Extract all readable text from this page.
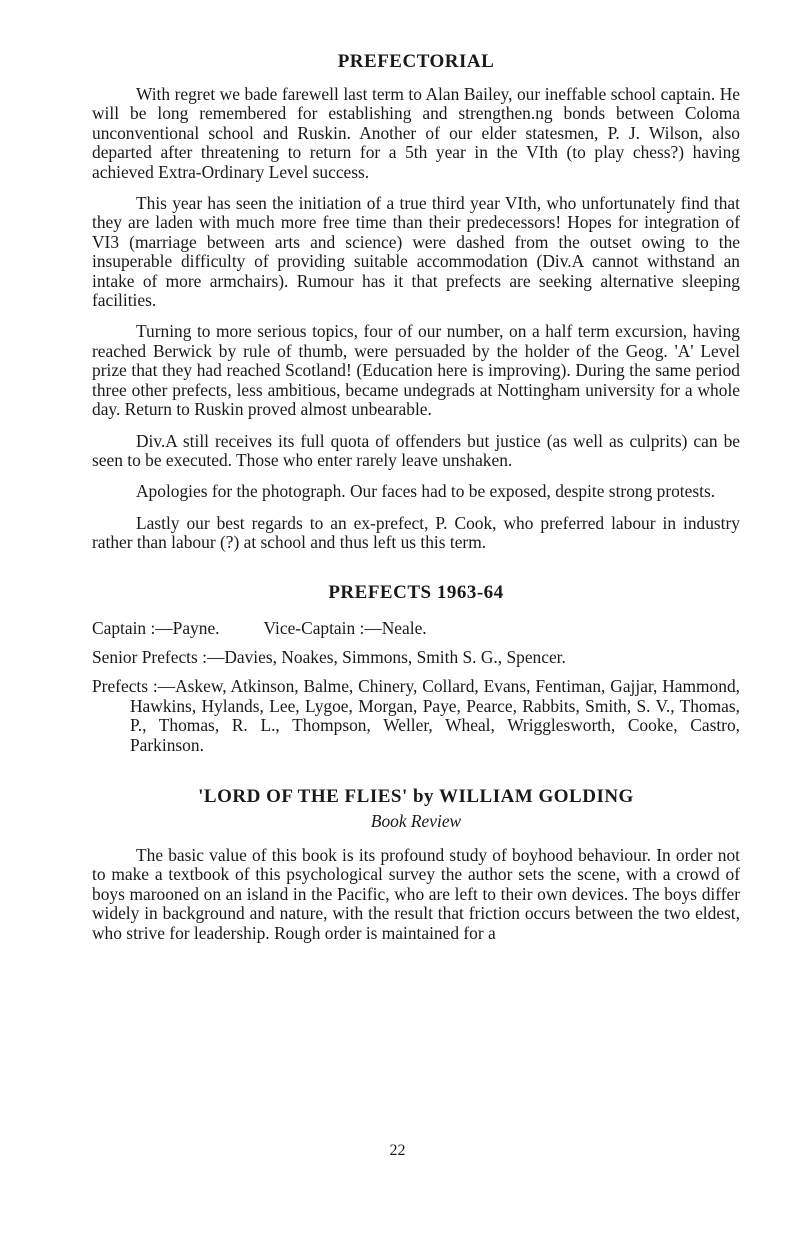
PREFECTORIAL

With regret we bade farewell last term to Alan Bailey, our ineffable school captain. He will be long remembered for establishing and strengthen.ng bonds between Coloma unconventional school and Ruskin. Another of our elder statesmen, P. J. Wilson, also departed after threatening to return for a 5th year in the VIth (to play chess?) having achieved Extra-Ordinary Level success.

This year has seen the initiation of a true third year VIth, who unfortunately find that they are laden with much more free time than their predecessors! Hopes for integration of VI3 (marriage between arts and science) were dashed from the outset owing to the insuperable difficulty of providing suitable accommodation (Div.A cannot withstand an intake of more armchairs). Rumour has it that prefects are seeking alternative sleeping facilities.

Turning to more serious topics, four of our number, on a half term excursion, having reached Berwick by rule of thumb, were persuaded by the holder of the Geog. 'A' Level prize that they had reached Scotland! (Education here is improving). During the same period three other prefects, less ambitious, became undegrads at Nottingham university for a whole day. Return to Ruskin proved almost unbearable.

Div.A still receives its full quota of offenders but justice (as well as culprits) can be seen to be executed. Those who enter rarely leave unshaken.

Apologies for the photograph. Our faces had to be exposed, despite strong protests.

Lastly our best regards to an ex-prefect, P. Cook, who preferred labour in industry rather than labour (?) at school and thus left us this term.

PREFECTS 1963-64

Captain :—Payne.	Vice-Captain :—Neale.

Senior Prefects :—Davies, Noakes, Simmons, Smith S. G., Spencer.

Prefects :—Askew, Atkinson, Balme, Chinery, Collard, Evans, Fentiman, Gajjar, Hammond, Hawkins, Hylands, Lee, Lygoe, Morgan, Paye, Pearce, Rabbits, Smith, S. V., Thomas, P., Thomas, R. L., Thompson, Weller, Wheal, Wrigglesworth, Cooke, Castro, Parkinson.

'LORD OF THE FLIES' by WILLIAM GOLDING

Book Review

The basic value of this book is its profound study of boyhood behaviour. In order not to make a textbook of this psychological survey the author sets the scene, with a crowd of boys marooned on an island in the Pacific, who are left to their own devices. The boys differ widely in background and nature, with the result that friction occurs between the two eldest, who strive for leadership. Rough order is maintained for a

22
